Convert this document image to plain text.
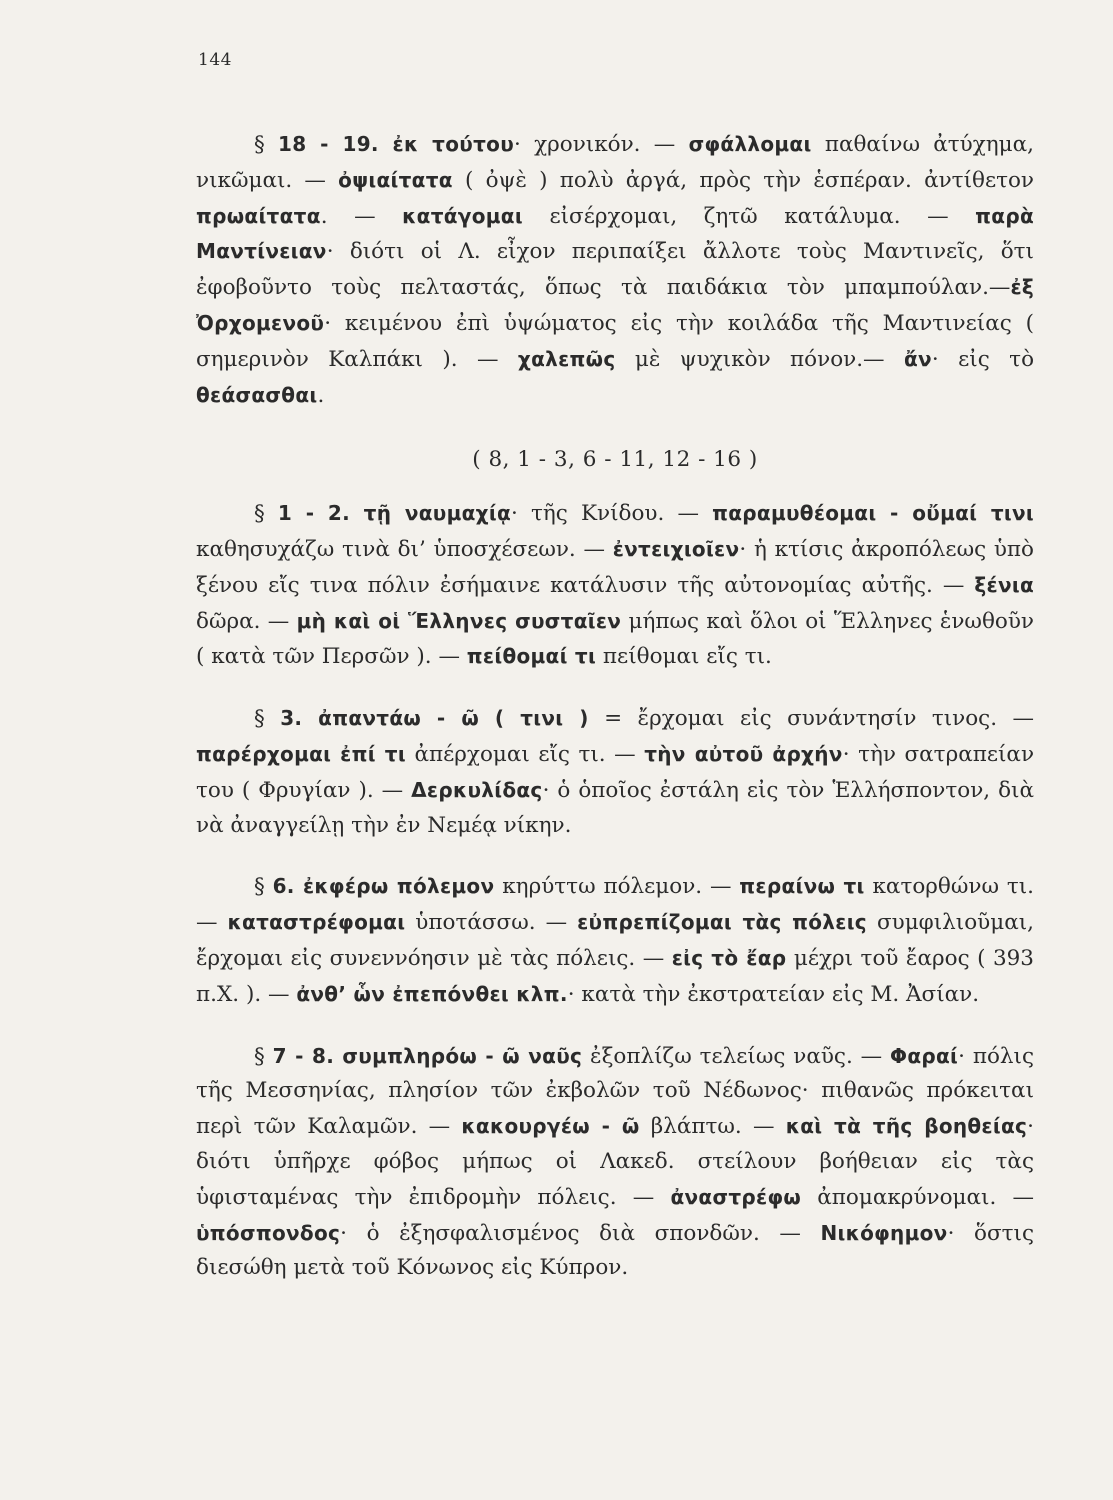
144

§ 18 - 19. ἐκ τούτου· χρονικόν. — σφάλλομαι παθαίνω ἀτύχημα, νικῶμαι. — ὀψιαίτατα ( ὀψὲ ) πολὺ ἀργά, πρὸς τὴν ἑσπέραν. ἀντίθετον πρωαίτατα. — κατάγομαι εἰσέρχομαι, ζητῶ κατάλυμα. — παρὰ Μαντίνειαν· διότι οἱ Λ. εἶχον περιπαίξει ἄλλοτε τοὺς Μαντινεῖς, ὅτι ἐφοβοῦντο τοὺς πελταστάς, ὅπως τὰ παιδάκια τὸν μπαμπούλαν.—ἐξ Ὀρχομενοῦ· κειμένου ἐπὶ ὑψώματος εἰς τὴν κοιλάδα τῆς Μαντινείας ( σημερινὸν Καλπάκι ). — χαλεπῶς μὲ ψυχικὸν πόνον.— ἄν· εἰς τὸ θεάσασθαι.

( 8, 1 - 3, 6 - 11, 12 - 16 )

§ 1 - 2. τῇ ναυμαχίᾳ· τῆς Κνίδου. — παραμυθέομαι - οὔμαί τινι καθησυχάζω τινὰ δι’ ὑποσχέσεων. — ἐντειχιοῖεν· ἡ κτίσις ἀκροπόλεως ὑπὸ ξένου εἴς τινα πόλιν ἐσήμαινε κατάλυσιν τῆς αὐτονομίας αὐτῆς. — ξένια δῶρα. — μὴ καὶ οἱ Ἕλληνες συσταῖεν μήπως καὶ ὅλοι οἱ Ἕλληνες ἑνωθοῦν ( κατὰ τῶν Περσῶν ). — πείθομαί τι πείθομαι εἴς τι.

§ 3. ἀπαντάω - ῶ ( τινι ) = ἔρχομαι εἰς συνάντησίν τινος. — παρέρχομαι ἐπί τι ἀπέρχομαι εἴς τι. — τὴν αὐτοῦ ἀρχήν· τὴν σατραπείαν του ( Φρυγίαν ). — Δερκυλίδας· ὁ ὁποῖος ἐστάλη εἰς τὸν Ἑλλήσποντον, διὰ νὰ ἀναγγείλῃ τὴν ἐν Νεμέᾳ νίκην.

§ 6. ἐκφέρω πόλεμον κηρύττω πόλεμον. — περαίνω τι κατορθώνω τι. — καταστρέφομαι ὑποτάσσω. — εὐπρεπίζομαι τὰς πόλεις συμφιλιοῦμαι, ἔρχομαι εἰς συνεννόησιν μὲ τὰς πόλεις. — εἰς τὸ ἔαρ μέχρι τοῦ ἔαρος ( 393 π.Χ. ). — ἀνθ’ ὧν ἐπεπόνθει κλπ.· κατὰ τὴν ἐκστρατείαν εἰς Μ. Ἀσίαν.

§ 7 - 8. συμπληρόω - ῶ ναῦς ἐξοπλίζω τελείως ναῦς. — Φαραί· πόλις τῆς Μεσσηνίας, πλησίον τῶν ἐκβολῶν τοῦ Νέδωνος· πιθανῶς πρόκειται περὶ τῶν Καλαμῶν. — κακουργέω - ῶ βλάπτω. — καὶ τὰ τῆς βοηθείας· διότι ὑπῆρχε φόβος μήπως οἱ Λακεδ. στείλουν βοήθειαν εἰς τὰς ὑφισταμένας τὴν ἐπιδρομὴν πόλεις. — ἀναστρέφω ἀπομακρύνομαι. — ὑπόσπονδος· ὁ ἐξησφαλισμένος διὰ σπονδῶν. — Νικόφημον· ὅστις διεσώθη μετὰ τοῦ Κόνωνος εἰς Κύπρον.
